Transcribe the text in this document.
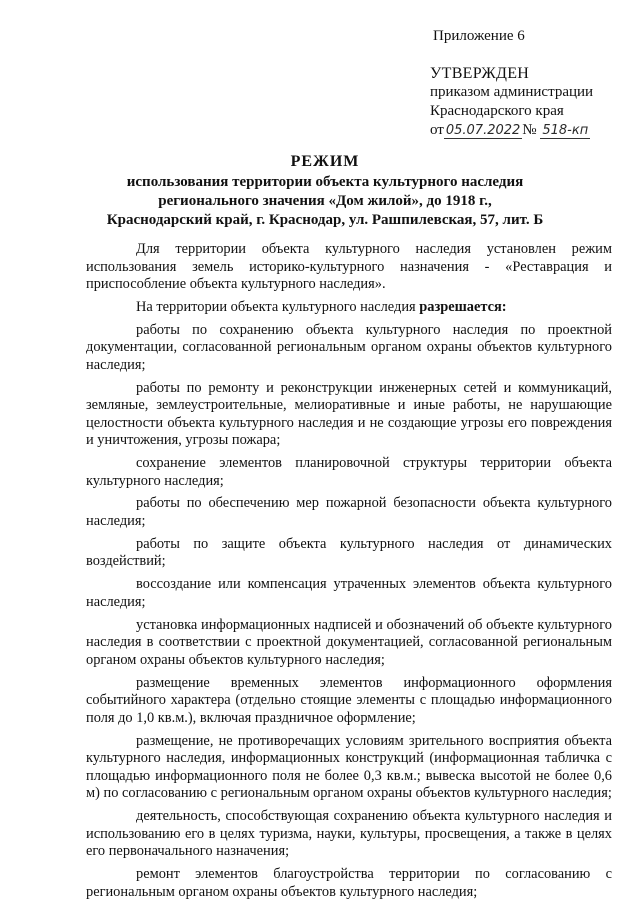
Приложение 6
УТВЕРЖДЕН
приказом администрации
Краснодарского края
от 05.07.2022 № 518-кп
РЕЖИМ
использования территории объекта культурного наследия
регионального значения «Дом жилой», до 1918 г.,
Краснодарский край, г. Краснодар, ул. Рашпилевская, 57, лит. Б

Для территории объекта культурного наследия установлен режим использования земель историко-культурного назначения - «Реставрация и приспособление объекта культурного наследия».

На территории объекта культурного наследия разрешается:

работы по сохранению объекта культурного наследия по проектной документации, согласованной региональным органом охраны объектов культурного наследия;

работы по ремонту и реконструкции инженерных сетей и коммуникаций, земляные, землеустроительные, мелиоративные и иные работы, не нарушающие целостности объекта культурного наследия и не создающие угрозы его повреждения и уничтожения, угрозы пожара;

сохранение элементов планировочной структуры территории объекта культурного наследия;

работы по обеспечению мер пожарной безопасности объекта культурного наследия;

работы по защите объекта культурного наследия от динамических воздействий;

воссоздание или компенсация утраченных элементов объекта культурного наследия;

установка информационных надписей и обозначений об объекте культурного наследия в соответствии с проектной документацией, согласованной региональным органом охраны объектов культурного наследия;

размещение временных элементов информационного оформления событийного характера (отдельно стоящие элементы с площадью информационного поля до 1,0 кв.м.), включая праздничное оформление;

размещение, не противоречащих условиям зрительного восприятия объекта культурного наследия, информационных конструкций (информационная табличка с площадью информационного поля не более 0,3 кв.м.; вывеска высотой не более 0,6 м) по согласованию с региональным органом охраны объектов культурного наследия;

деятельность, способствующая сохранению объекта культурного наследия и использованию его в целях туризма, науки, культуры, просвещения, а также в целях его первоначального назначения;

ремонт элементов благоустройства территории по согласованию с региональным органом охраны объектов культурного наследия;
